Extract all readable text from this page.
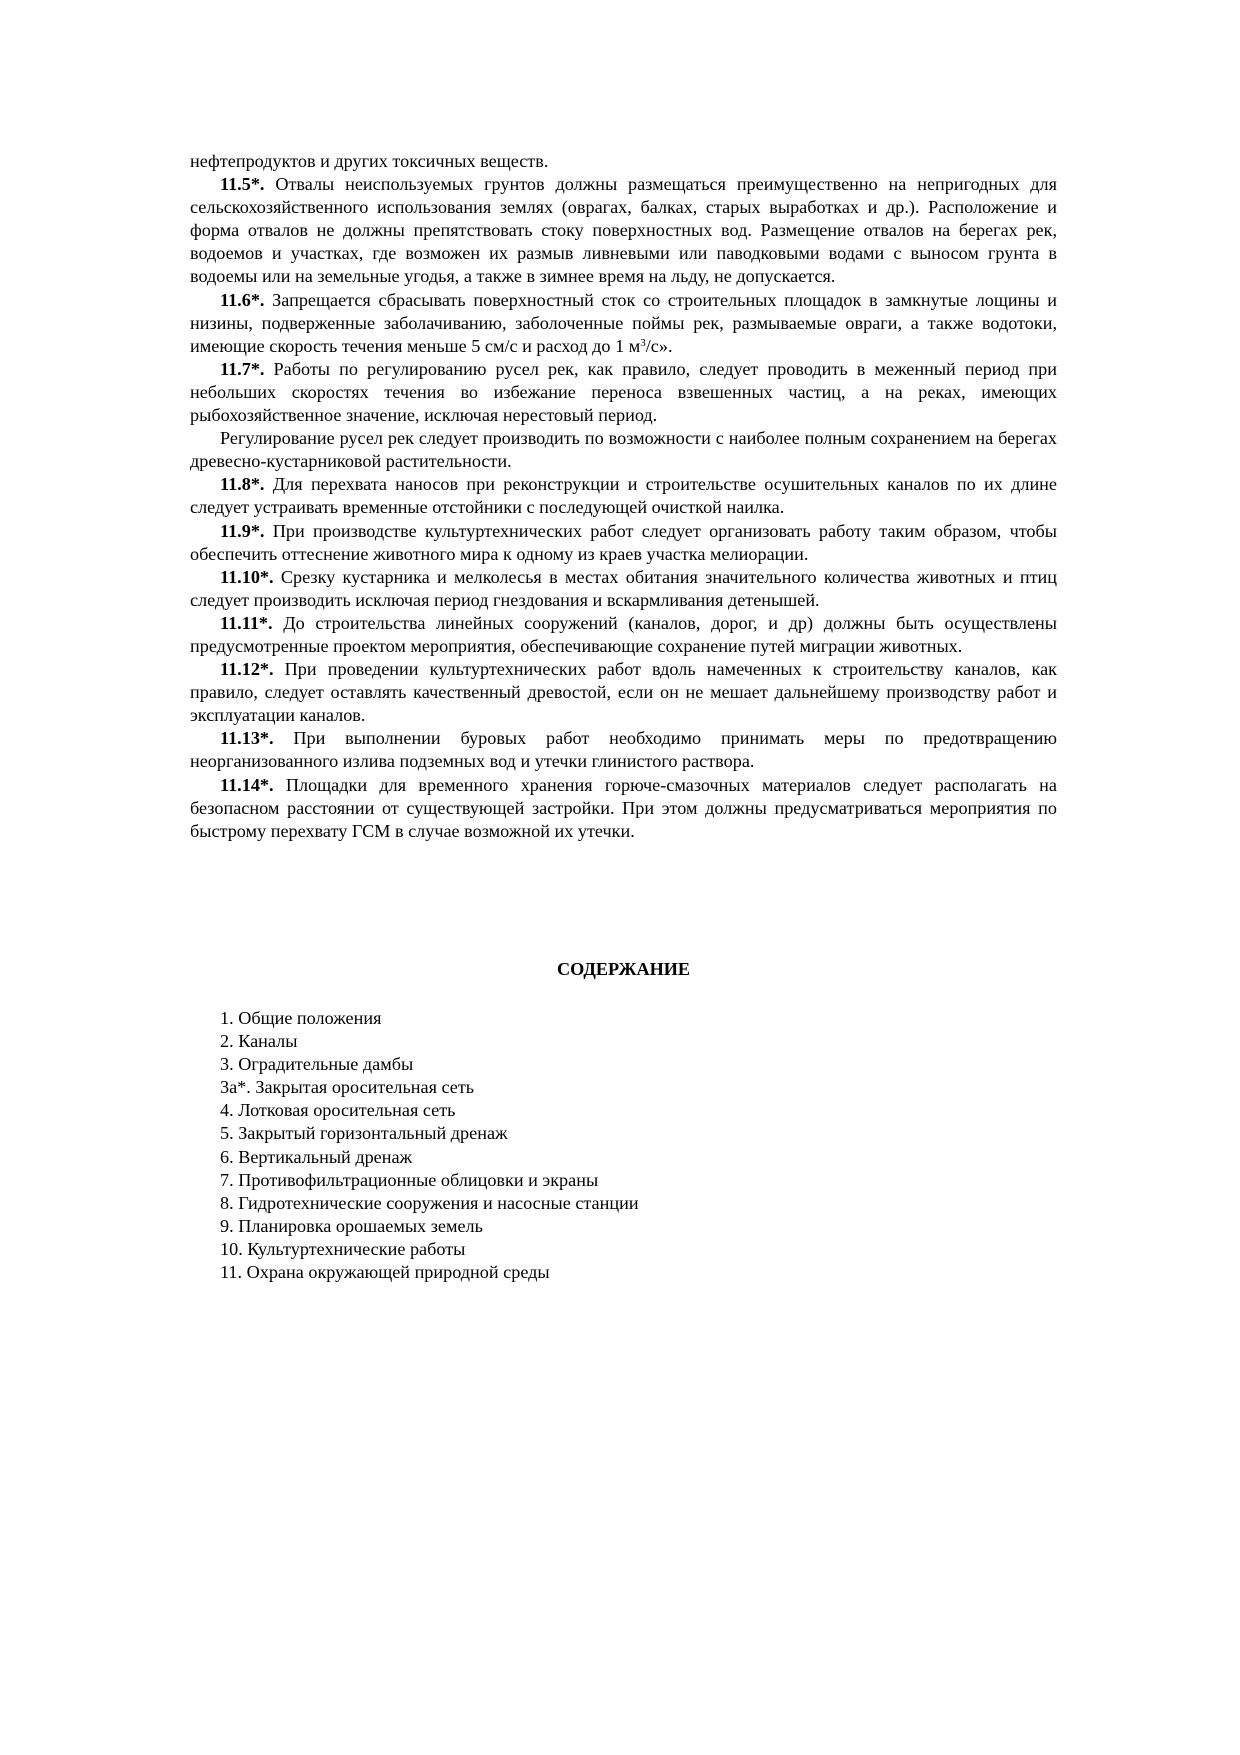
нефтепродуктов и других токсичных веществ.

11.5*. Отвалы неиспользуемых грунтов должны размещаться преимущественно на непригодных для сельскохозяйственного использования землях (оврагах, балках, старых выработках и др.). Расположение и форма отвалов не должны препятствовать стоку поверхностных вод. Размещение отвалов на берегах рек, водоемов и участках, где возможен их размыв ливневыми или паводковыми водами с выносом грунта в водоемы или на земельные угодья, а также в зимнее время на льду, не допускается.

11.6*. Запрещается сбрасывать поверхностный сток со строительных площадок в замкнутые лощины и низины, подверженные заболачиванию, заболоченные поймы рек, размываемые овраги, а также водотоки, имеющие скорость течения меньше 5 см/с и расход до 1 $м^3/с$».

11.7*. Работы по регулированию русел рек, как правило, следует проводить в меженный период при небольших скоростях течения во избежание переноса взвешенных частиц, а на реках, имеющих рыбохозяйственное значение, исключая нерестовый период.

Регулирование русел рек следует производить по возможности с наиболее полным сохранением на берегах древесно-кустарниковой растительности.

11.8*. Для перехвата наносов при реконструкции и строительстве осушительных каналов по их длине следует устраивать временные отстойники с последующей очисткой наилка.

11.9*. При производстве культуртехнических работ следует организовать работу таким образом, чтобы обеспечить оттеснение животного мира к одному из краев участка мелиорации.

11.10*. Срезку кустарника и мелколесья в местах обитания значительного количества животных и птиц следует производить исключая период гнездования и вскармливания детенышей.

11.11*. До строительства линейных сооружений (каналов, дорог, и др) должны быть осуществлены предусмотренные проектом мероприятия, обеспечивающие сохранение путей миграции животных.

11.12*. При проведении культуртехнических работ вдоль намеченных к строительству каналов, как правило, следует оставлять качественный древостой, если он не мешает дальнейшему производству работ и эксплуатации каналов.

11.13*. При выполнении буровых работ необходимо принимать меры по предотвращению неорганизованного излива подземных вод и утечки глинистого раствора.

11.14*. Площадки для временного хранения горюче-смазочных материалов следует располагать на безопасном расстоянии от существующей застройки. При этом должны предусматриваться мероприятия по быстрому перехвату ГСМ в случае возможной их утечки.

СОДЕРЖАНИЕ
1. Общие положения
2. Каналы
3. Оградительные дамбы
3а*. Закрытая оросительная сеть
4. Лотковая оросительная сеть
5. Закрытый горизонтальный дренаж
6. Вертикальный дренаж
7. Противофильтрационные облицовки и экраны
8. Гидротехнические сооружения и насосные станции
9. Планировка орошаемых земель
10. Культуртехнические работы
11. Охрана окружающей природной среды
